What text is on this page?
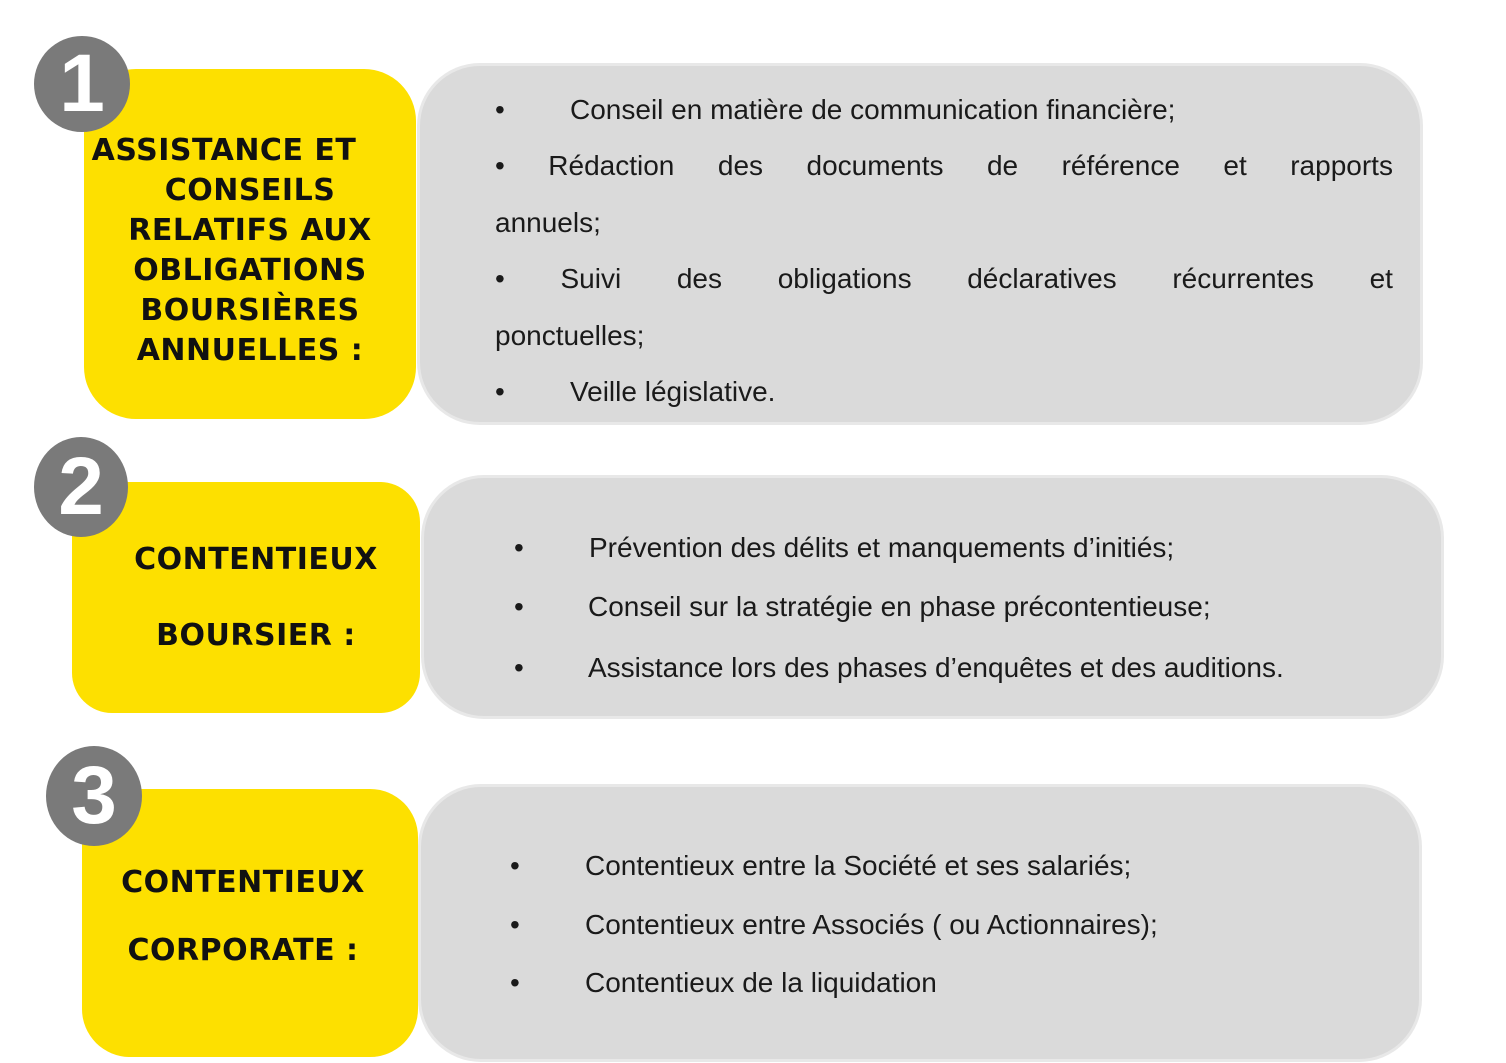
ASSISTANCE ET
CONSEILS
RELATIFS AUX
OBLIGATIONS
BOURSIÈRES
ANNUELLES :
1	• Conseil en matière de communication financière;
• Rédaction des documents de référence et rapports
annuels;
• Suivi des obligations déclaratives récurrentes et
ponctuelles;
• Veille législative.
CONTENTIEUX
BOURSIER :
2
• Prévention des délits et manquements d’initiés;
• Conseil sur la stratégie en phase précontentieuse;
• Assistance lors des phases d’enquêtes et des auditions.
CONTENTIEUX
CORPORATE :
3
• Contentieux entre la Société et ses salariés;
• Contentieux entre Associés ( ou Actionnaires);
• Contentieux de la liquidation
